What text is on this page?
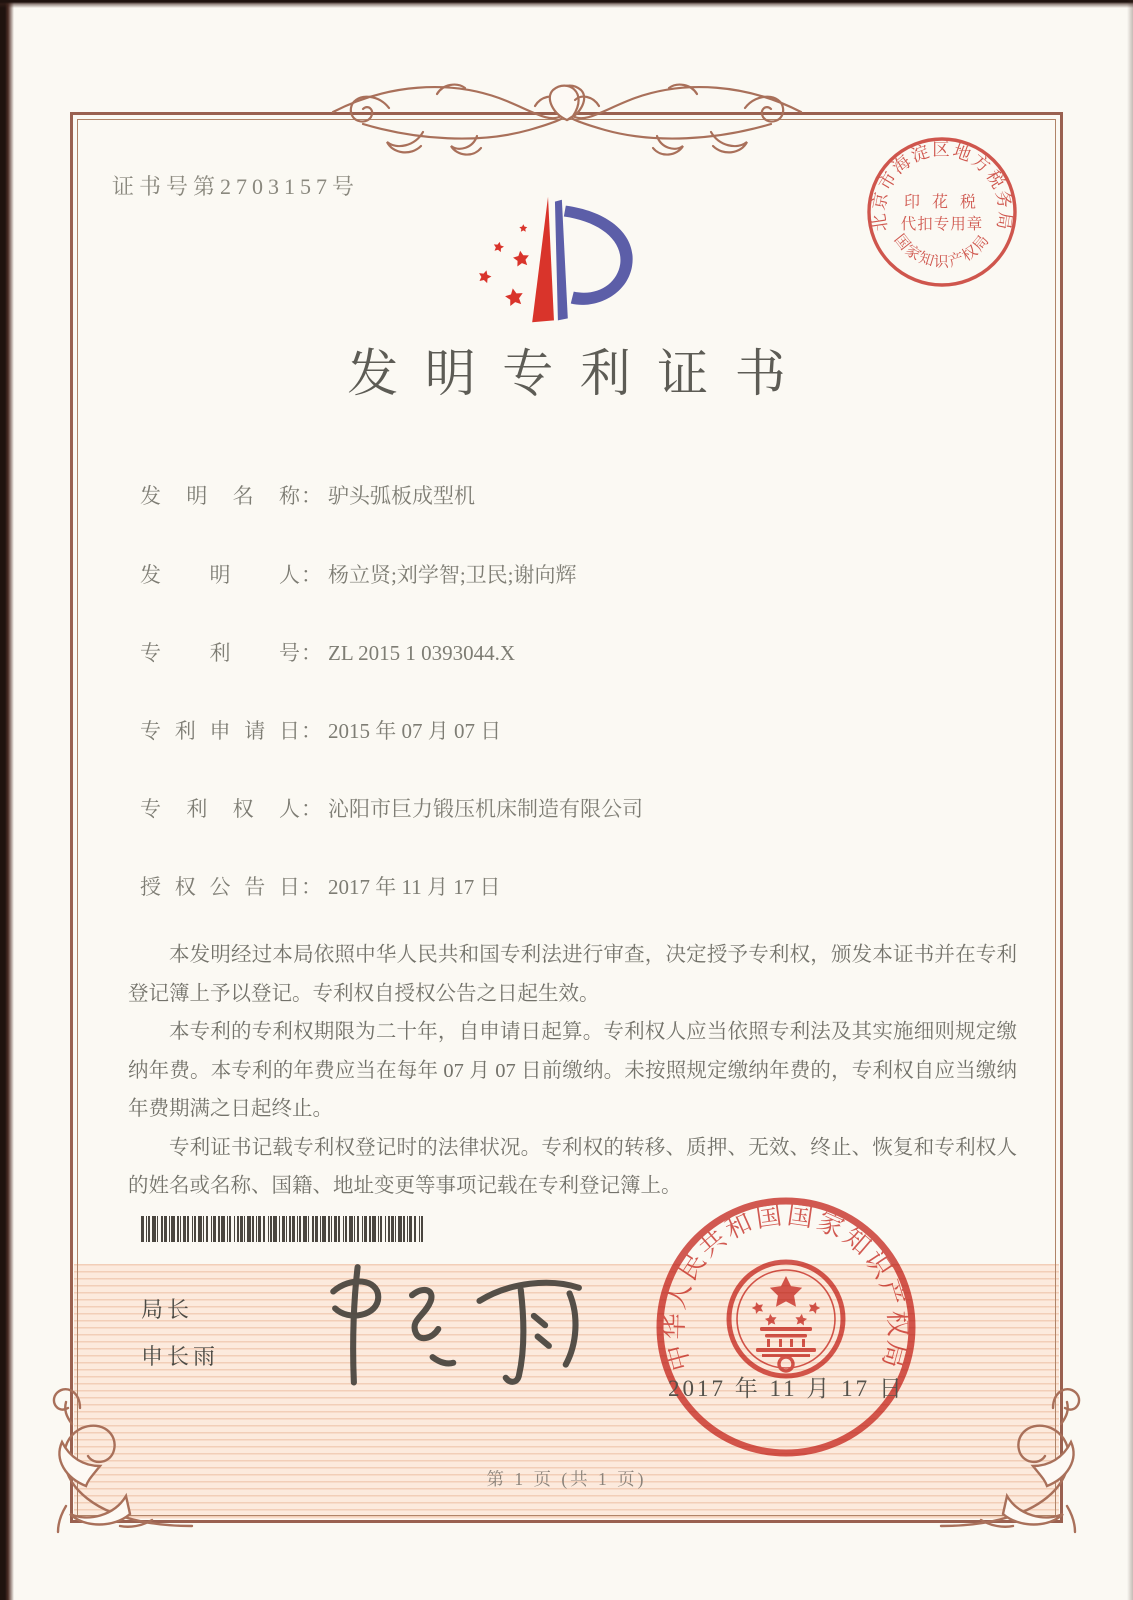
证书号第2703157号
北京市海淀区地方税务局
国家知识产权局
印 花 税
代扣专用章
发明专利证书
发明名称： 驴头弧板成型机
发明人： 杨立贤;刘学智;卫民;谢向辉
专利号： ZL 2015 1 0393044.X
专利申请日： 2015 年 07 月 07 日
专利权人： 沁阳市巨力锻压机床制造有限公司
授权公告日： 2017 年 11 月 17 日

本发明经过本局依照中华人民共和国专利法进行审查，决定授予专利权，颁发本证书并在专利登记簿上予以登记。专利权自授权公告之日起生效。

本专利的专利权期限为二十年，自申请日起算。专利权人应当依照专利法及其实施细则规定缴纳年费。本专利的年费应当在每年 07 月 07 日前缴纳。未按照规定缴纳年费的，专利权自应当缴纳年费期满之日起终止。

专利证书记载专利权登记时的法律状况。专利权的转移、质押、无效、终止、恢复和专利权人的姓名或名称、国籍、地址变更等事项记载在专利登记簿上。

局长
申长雨	中华人民共和国国家知识产权局
2017 年 11 月 17 日
第 1 页 (共 1 页)
